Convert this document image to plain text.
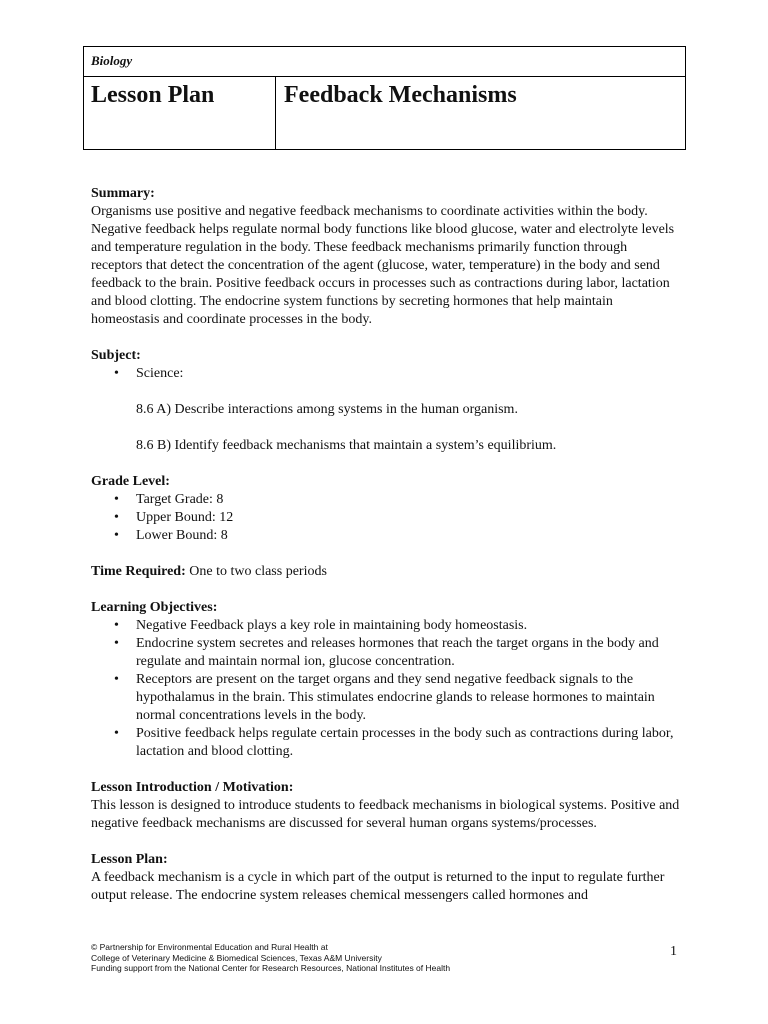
Biology
Lesson Plan	Feedback Mechanisms
Summary:
Organisms use positive and negative feedback mechanisms to coordinate activities within the body. Negative feedback helps regulate normal body functions like blood glucose, water and electrolyte levels and temperature regulation in the body. These feedback mechanisms primarily function through receptors that detect the concentration of the agent (glucose, water, temperature) in the body and send feedback to the brain. Positive feedback occurs in processes such as contractions during labor, lactation and blood clotting. The endocrine system functions by secreting hormones that help maintain homeostasis and coordinate processes in the body.
Subject:
• Science:
8.6 A) Describe interactions among systems in the human organism.
8.6 B) Identify feedback mechanisms that maintain a system’s equilibrium.
Grade Level:
• Target Grade: 8
• Upper Bound: 12
• Lower Bound: 8
Time Required: One to two class periods
Learning Objectives:
• Negative Feedback plays a key role in maintaining body homeostasis.
• Endocrine system secretes and releases hormones that reach the target organs in the body and regulate and maintain normal ion, glucose concentration.
• Receptors are present on the target organs and they send negative feedback signals to the hypothalamus in the brain. This stimulates endocrine glands to release hormones to maintain normal concentrations levels in the body.
• Positive feedback helps regulate certain processes in the body such as contractions during labor, lactation and blood clotting.
Lesson Introduction / Motivation:
This lesson is designed to introduce students to feedback mechanisms in biological systems. Positive and negative feedback mechanisms are discussed for several human organs systems/processes.
Lesson Plan:
A feedback mechanism is a cycle in which part of the output is returned to the input to regulate further output release. The endocrine system releases chemical messengers called hormones and
© Partnership for Environmental Education and Rural Health at
College of Veterinary Medicine & Biomedical Sciences, Texas A&M University
Funding support from the National Center for Research Resources, National Institutes of Health
1
